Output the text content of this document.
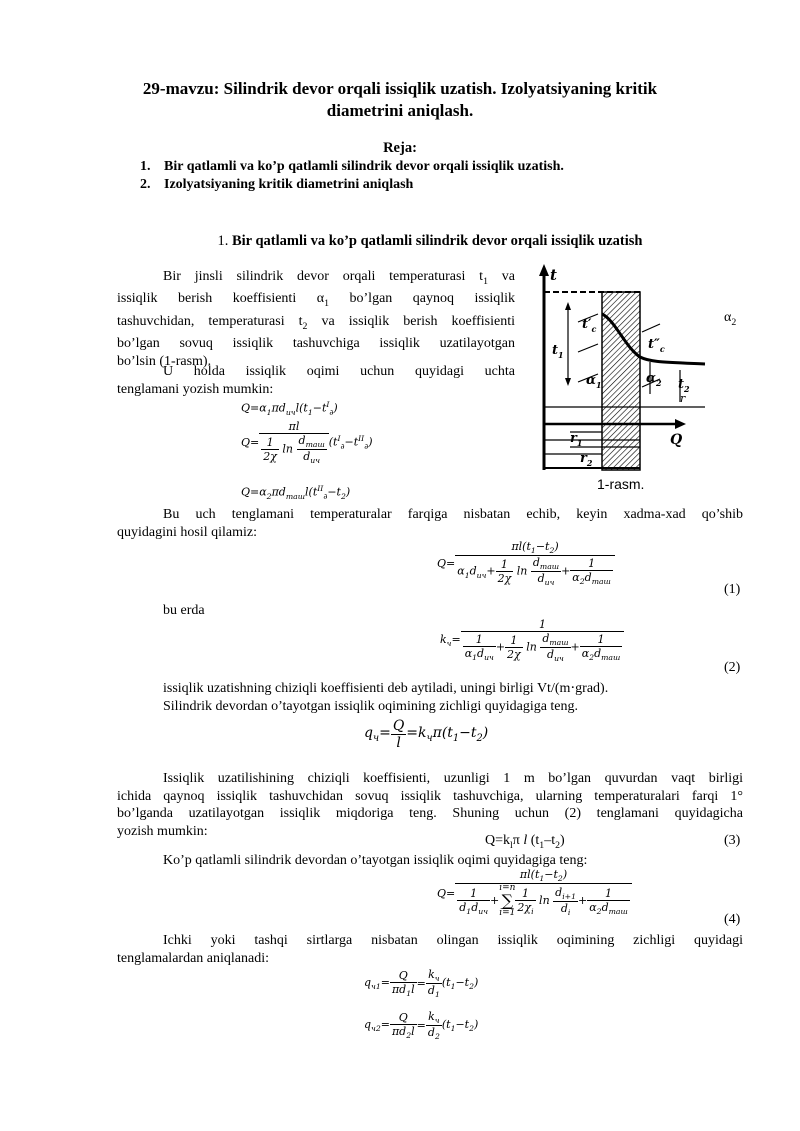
29-mavzu: Silindrik devor orqali issiqlik uzatish. Izolyatsiyaning kritik diametrini aniqlash.
Reja:
1. Bir qatlamli va ko’p qatlamli silindrik devor orqali issiqlik uzatish.
2. Izolyatsiyaning kritik diametrini aniqlash
1. Bir qatlamli va ko’p qatlamli silindrik devor orqali issiqlik uzatish
Bir jinsli silindrik devor orqali temperaturasi $t_1$ va
issiqlik berish koeffisienti $\alpha_1$ bo’lgan qaynoq issiqlik
tashuvchidan, temperaturasi $t_2$ va issiqlik berish koeffisienti
bo’lgan sovuq issiqlik tashuvchiga issiqlik uzatilayotgan
bo’lsin (1-rasm).
$\alpha_2$
U holda issiqlik oqimi uchun quyidagi uchta
tenglamani yozish mumkin:
$Q=\alpha_1\pi d_{ич}l(t_1-t^I_\partial)$
$Q= \frac{\pi l}{\frac{1}{2\chi} \ln \frac{d_{таш}}{d_{ич}}} (t^I_\partial-t^{II}_\partial)$
$Q=\alpha_2\pi d_{таш}l(t^{II}_\partial-t_2)$
t
$t'_c$
$t''_c$
$t_1$
$\alpha_1$	$\alpha_2$ $t_2$
r
$r_1$
$r_2$
Q
1-rasm.
Bu uch tenglamani temperaturalar farqiga nisbatan echib, keyin xadma-xad qo’shib
quyidagini hosil qilamiz:
$Q= \frac{\pi l(t_1-t_2)}{\alpha_1d_{ич}+ \frac{1}{2\chi} \ln \frac{d_{таш}}{d_{ич}} + \frac{1}{\alpha_2d_{таш}}}$
(1)
bu erda
$k_ч= \frac{1}{\frac{1}{\alpha_1d_{ич}} + \frac{1}{2\chi} \ln \frac{d_{таш}}{d_{ич}} + \frac{1}{\alpha_2d_{таш}}}$
(2)
issiqlik uzatishning chiziqli koeffisienti deb aytiladi, uningi birligi Vt/(m⋅grad).
Silindrik devordan o’tayotgan issiqlik oqimining zichligi quyidagiga teng.
$q_ч= \frac{Q}{l} =k_ч\pi(t_1-t_2)$
Issiqlik uzatilishining chiziqli koeffisienti, uzunligi 1 m bo’lgan quvurdan vaqt birligi
ichida qaynoq issiqlik tashuvchidan sovuq issiqlik tashuvchiga, ularning temperaturalari farqi 1°
bo’lganda uzatilayotgan issiqlik miqdoriga teng. Shuning uchun (2) tenglamani quyidagicha
yozish mumkin:
$Q=k_l\pi$ l $(t_1-t_2)$	(3)
Ko’p qatlamli silindrik devordan o’tayotgan issiqlik oqimi quyidagiga teng:
Q=
$\pi l(t_1-t_2)$
$\frac{1}{d_1d_{ич}} +i=n$
∑
$i=1 \frac{1}{2\chi_i}$ $\ln \frac{d_{i+1}}{d_i} + \frac{1}{\alpha_2d_{таш}}$
(4)
Ichki yoki tashqi sirtlarga nisbatan olingan issiqlik oqimining zichligi quyidagi
tenglamalardan aniqlanadi:
$q_{ч1}= \frac{Q}{\pi d_1l} = \frac{k_ч}{d_1} (t_1-t_2)$
$q_{ч2}= \frac{Q}{\pi d_2l} = \frac{k_ч}{d_2} (t_1-t_2)$
